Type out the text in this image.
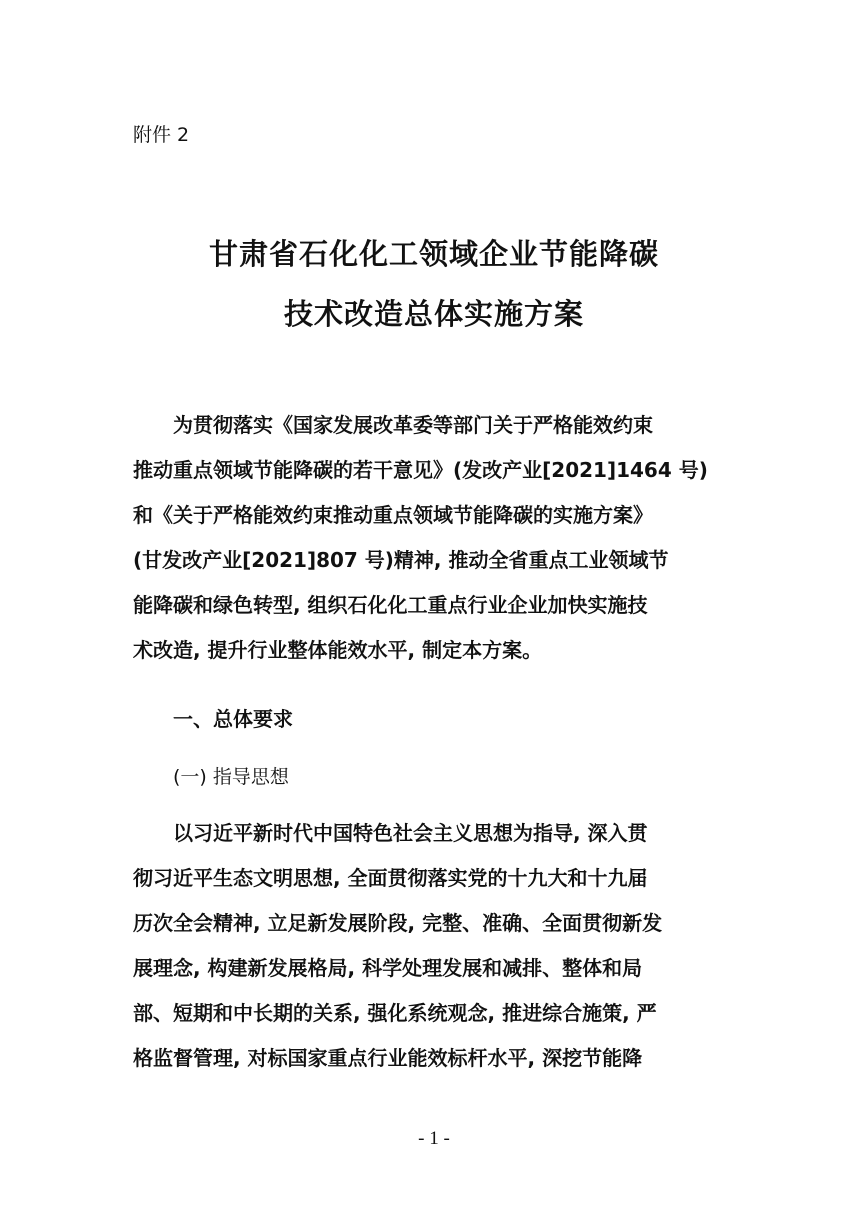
附件 2
甘肃省石化化工领域企业节能降碳
技术改造总体实施方案
为贯彻落实《国家发展改革委等部门关于严格能效约束
推动重点领域节能降碳的若干意见》(发改产业[2021]1464 号)
和《关于严格能效约束推动重点领域节能降碳的实施方案》
(甘发改产业[2021]807 号)精神, 推动全省重点工业领域节
能降碳和绿色转型, 组织石化化工重点行业企业加快实施技
术改造, 提升行业整体能效水平, 制定本方案。
一、总体要求
(一) 指导思想
以习近平新时代中国特色社会主义思想为指导, 深入贯
彻习近平生态文明思想, 全面贯彻落实党的十九大和十九届
历次全会精神, 立足新发展阶段, 完整、准确、全面贯彻新发
展理念, 构建新发展格局, 科学处理发展和减排、整体和局
部、短期和中长期的关系, 强化系统观念, 推进综合施策, 严
格监督管理, 对标国家重点行业能效标杆水平, 深挖节能降
- 1 -
